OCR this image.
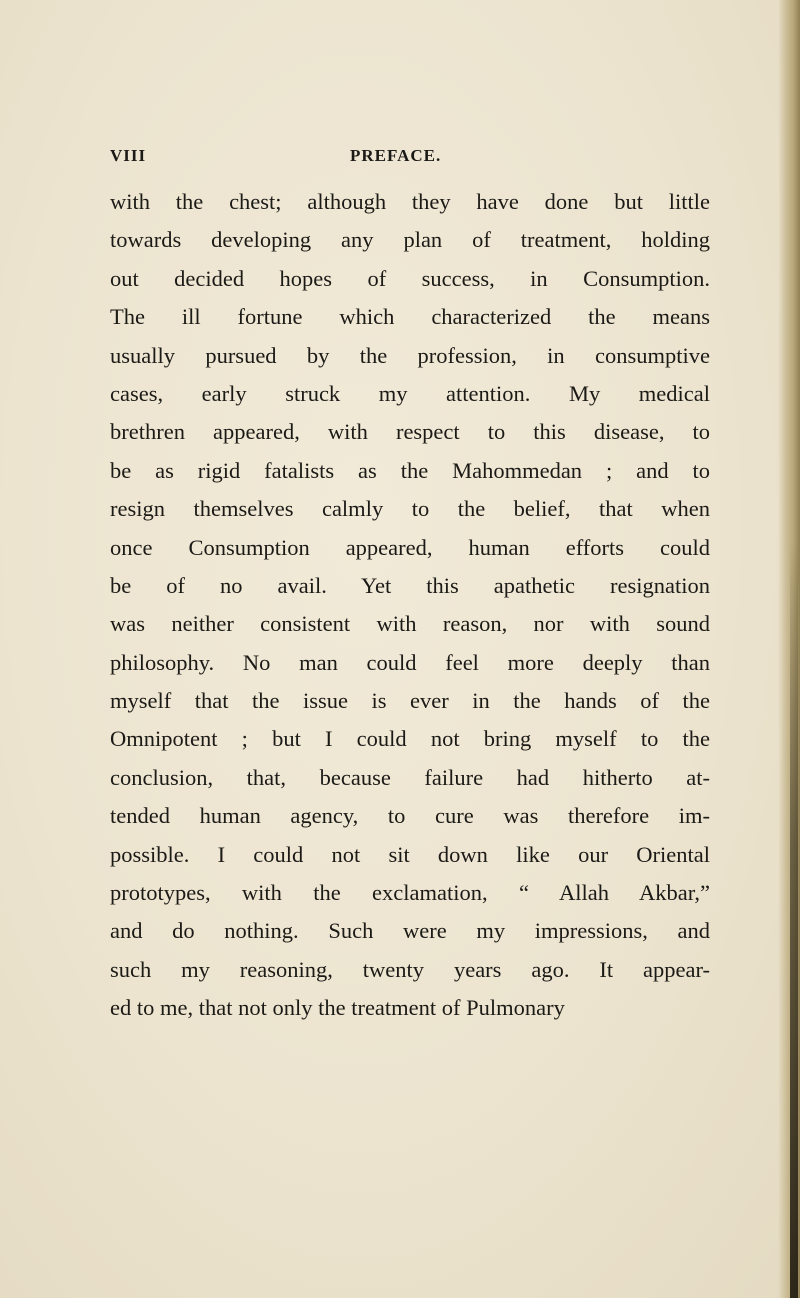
VIII	PREFACE.
with the chest; although they have done but little
towards developing any plan of treatment, holding
out decided hopes of success, in Consumption.
The ill fortune which characterized the means
usually pursued by the profession, in consumptive
cases, early struck my attention. My medical
brethren appeared, with respect to this disease, to
be as rigid fatalists as the Mahommedan ; and to
resign themselves calmly to the belief, that when
once Consumption appeared, human efforts could
be of no avail. Yet this apathetic resignation
was neither consistent with reason, nor with sound
philosophy. No man could feel more deeply than
myself that the issue is ever in the hands of the
Omnipotent ; but I could not bring myself to the
conclusion, that, because failure had hitherto at-
tended human agency, to cure was therefore im-
possible. I could not sit down like our Oriental
prototypes, with the exclamation, “ Allah Akbar,”
and do nothing. Such were my impressions, and
such my reasoning, twenty years ago. It appear-
ed to me, that not only the treatment of Pulmonary
